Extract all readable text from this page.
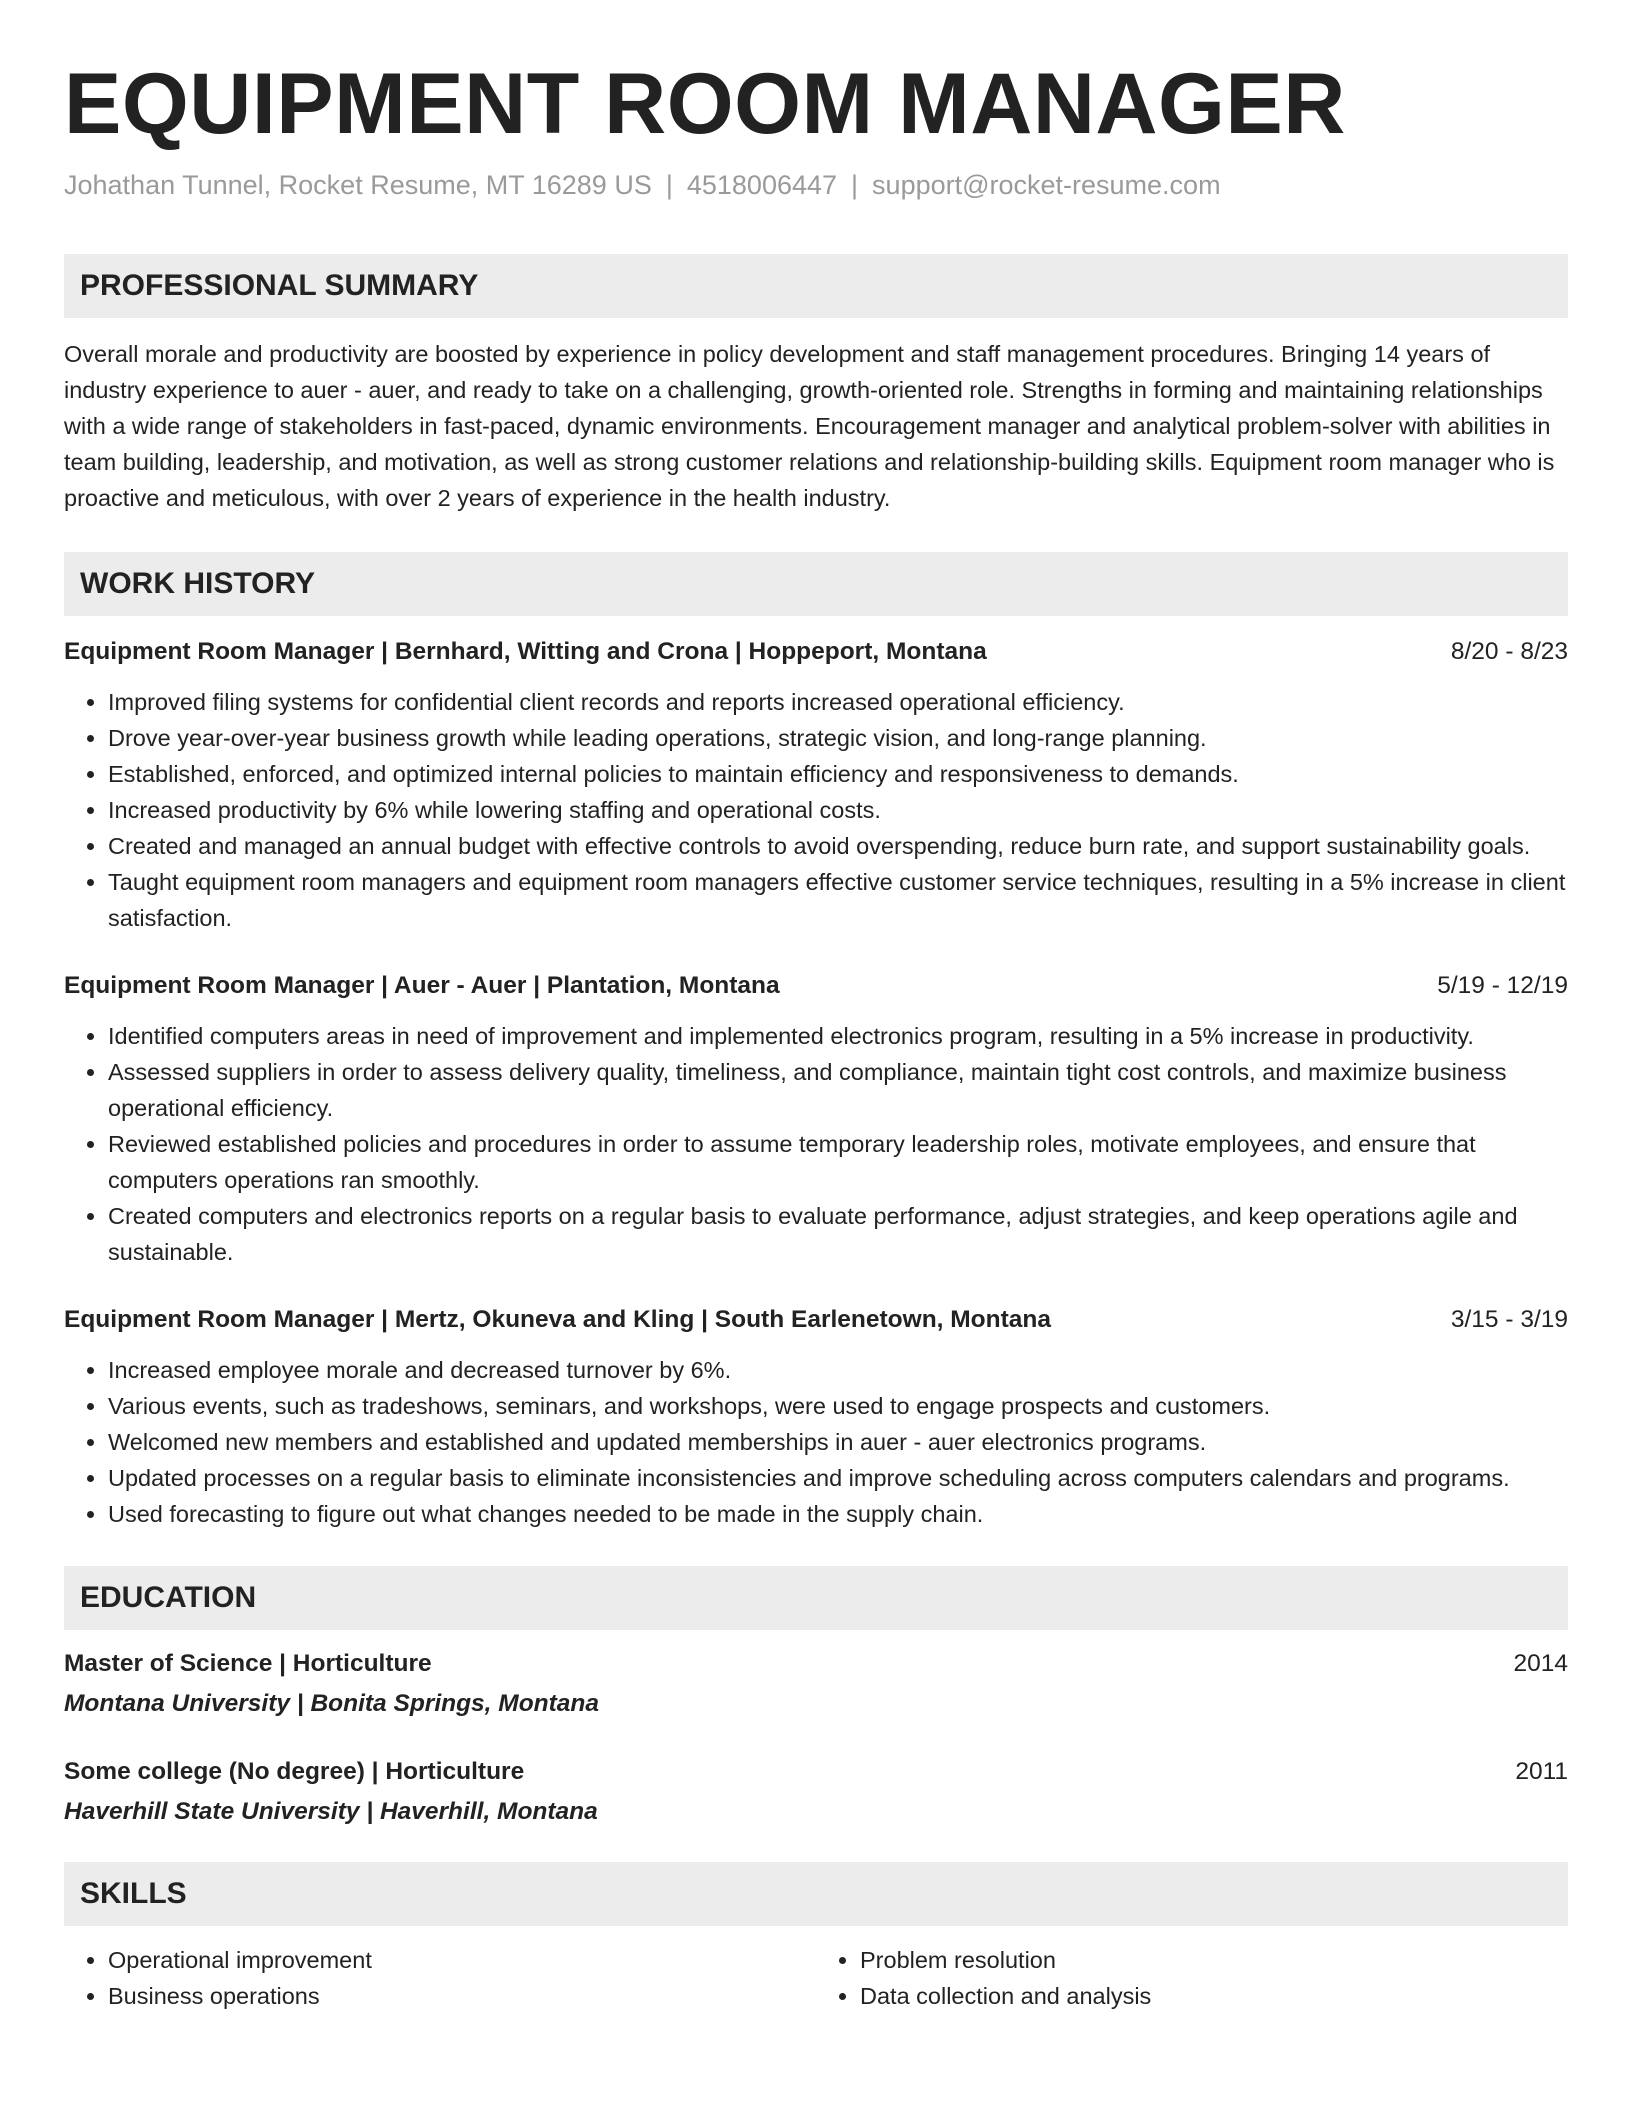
EQUIPMENT ROOM MANAGER
Johathan Tunnel, Rocket Resume, MT 16289 US | 4518006447 | support@rocket-resume.com
PROFESSIONAL SUMMARY
Overall morale and productivity are boosted by experience in policy development and staff management procedures. Bringing 14 years of industry experience to auer - auer, and ready to take on a challenging, growth-oriented role. Strengths in forming and maintaining relationships with a wide range of stakeholders in fast-paced, dynamic environments. Encouragement manager and analytical problem-solver with abilities in team building, leadership, and motivation, as well as strong customer relations and relationship-building skills. Equipment room manager who is proactive and meticulous, with over 2 years of experience in the health industry.
WORK HISTORY
Equipment Room Manager | Bernhard, Witting and Crona | Hoppeport, Montana	8/20 - 8/23
• Improved filing systems for confidential client records and reports increased operational efficiency.
• Drove year-over-year business growth while leading operations, strategic vision, and long-range planning.
• Established, enforced, and optimized internal policies to maintain efficiency and responsiveness to demands.
• Increased productivity by 6% while lowering staffing and operational costs.
• Created and managed an annual budget with effective controls to avoid overspending, reduce burn rate, and support sustainability goals.
• Taught equipment room managers and equipment room managers effective customer service techniques, resulting in a 5% increase in client satisfaction.
Equipment Room Manager | Auer - Auer | Plantation, Montana	5/19 - 12/19
• Identified computers areas in need of improvement and implemented electronics program, resulting in a 5% increase in productivity.
• Assessed suppliers in order to assess delivery quality, timeliness, and compliance, maintain tight cost controls, and maximize business operational efficiency.
• Reviewed established policies and procedures in order to assume temporary leadership roles, motivate employees, and ensure that computers operations ran smoothly.
• Created computers and electronics reports on a regular basis to evaluate performance, adjust strategies, and keep operations agile and sustainable.
Equipment Room Manager | Mertz, Okuneva and Kling | South Earlenetown, Montana	3/15 - 3/19
• Increased employee morale and decreased turnover by 6%.
• Various events, such as tradeshows, seminars, and workshops, were used to engage prospects and customers.
• Welcomed new members and established and updated memberships in auer - auer electronics programs.
• Updated processes on a regular basis to eliminate inconsistencies and improve scheduling across computers calendars and programs.
• Used forecasting to figure out what changes needed to be made in the supply chain.
EDUCATION
Master of Science | Horticulture	2014
Montana University | Bonita Springs, Montana
Some college (No degree) | Horticulture	2011
Haverhill State University | Haverhill, Montana
SKILLS
• Operational improvement
• Business operations
• Problem resolution
• Data collection and analysis
